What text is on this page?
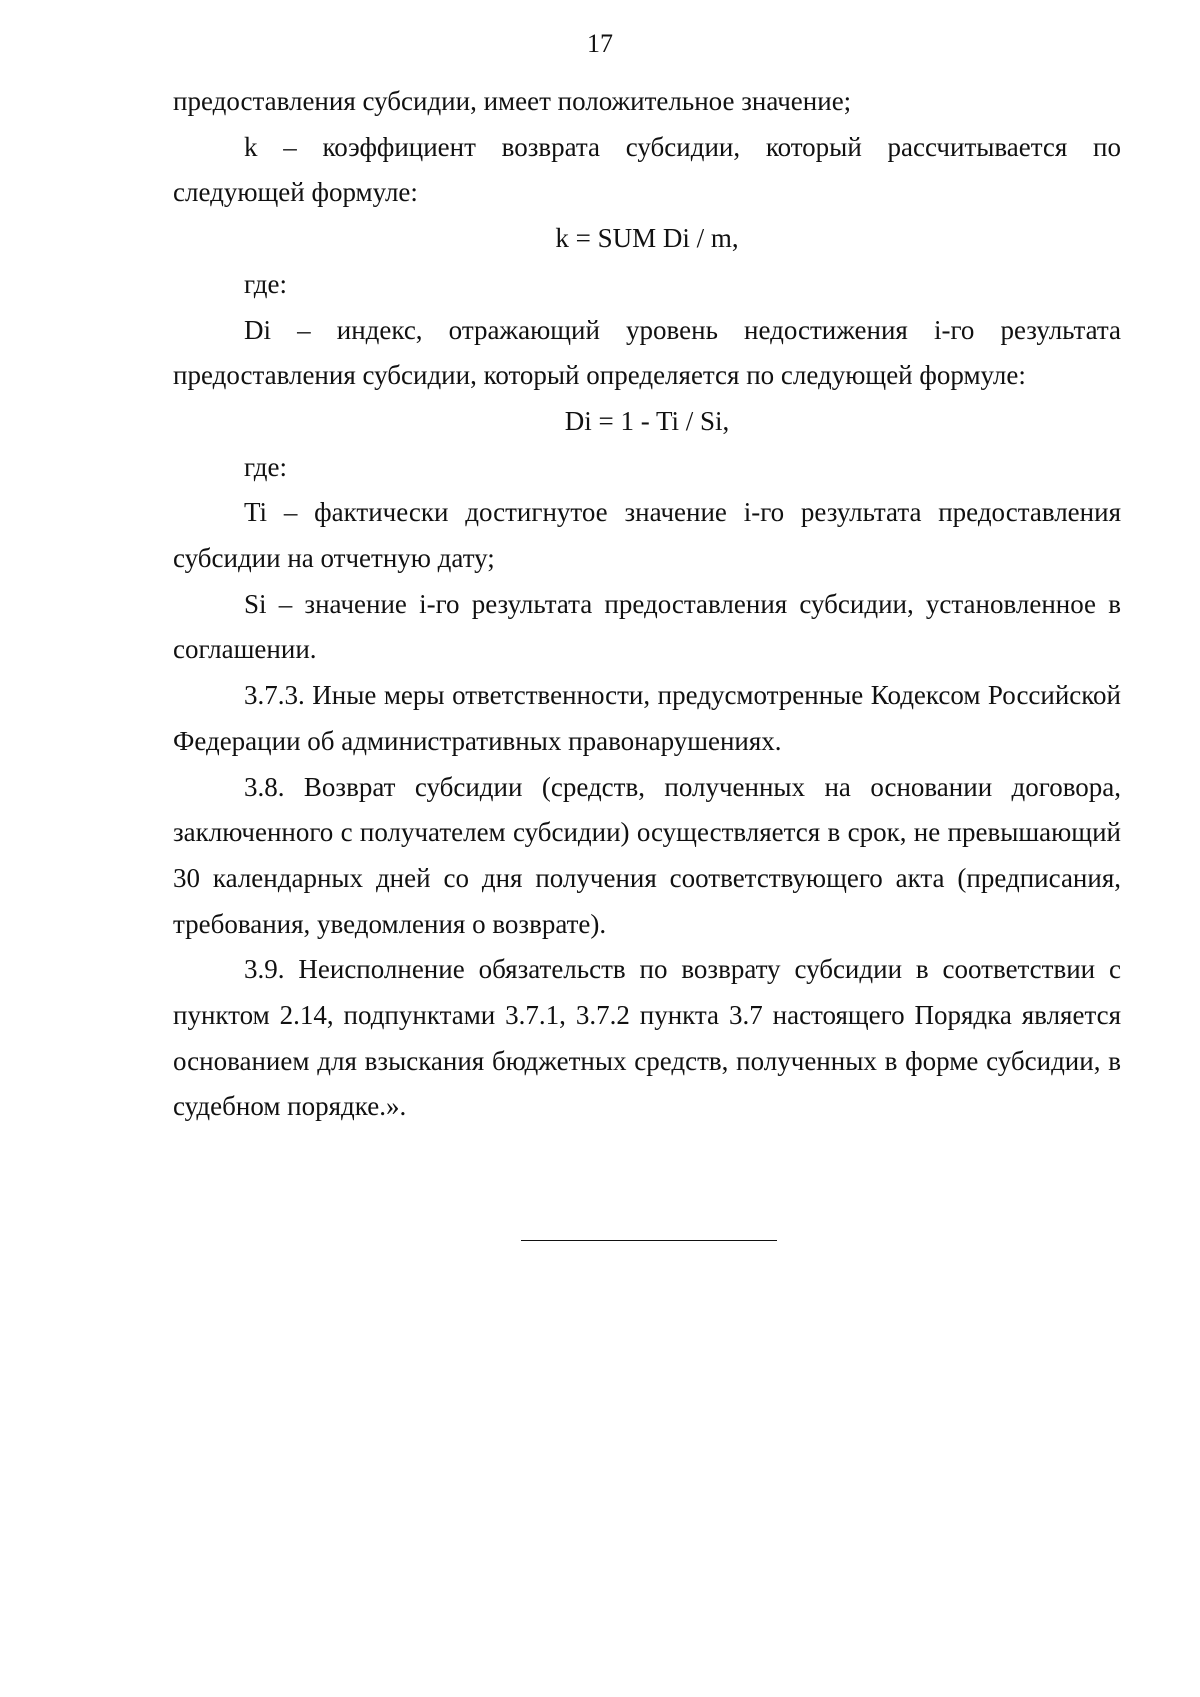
17

предоставления субсидии, имеет положительное значение;

k – коэффициент возврата субсидии, который рассчитывается по следующей формуле:

k = SUM Di / m,

где:

Di – индекс, отражающий уровень недостижения i-го результата предоставления субсидии, который определяется по следующей формуле:

Di = 1 - Ti / Si,

где:

Ti – фактически достигнутое значение i-го результата предоставления субсидии на отчетную дату;

Si – значение i-го результата предоставления субсидии, установленное в соглашении.

3.7.3. Иные меры ответственности, предусмотренные Кодексом Российской Федерации об административных правонарушениях.

3.8. Возврат субсидии (средств, полученных на основании договора, заключенного с получателем субсидии) осуществляется в срок, не превышающий 30 календарных дней со дня получения соответствующего акта (предписания, требования, уведомления о возврате).

3.9. Неисполнение обязательств по возврату субсидии в соответствии с пунктом 2.14, подпунктами 3.7.1, 3.7.2 пункта 3.7 настоящего Порядка является основанием для взыскания бюджетных средств, полученных в форме субсидии, в судебном порядке.».
